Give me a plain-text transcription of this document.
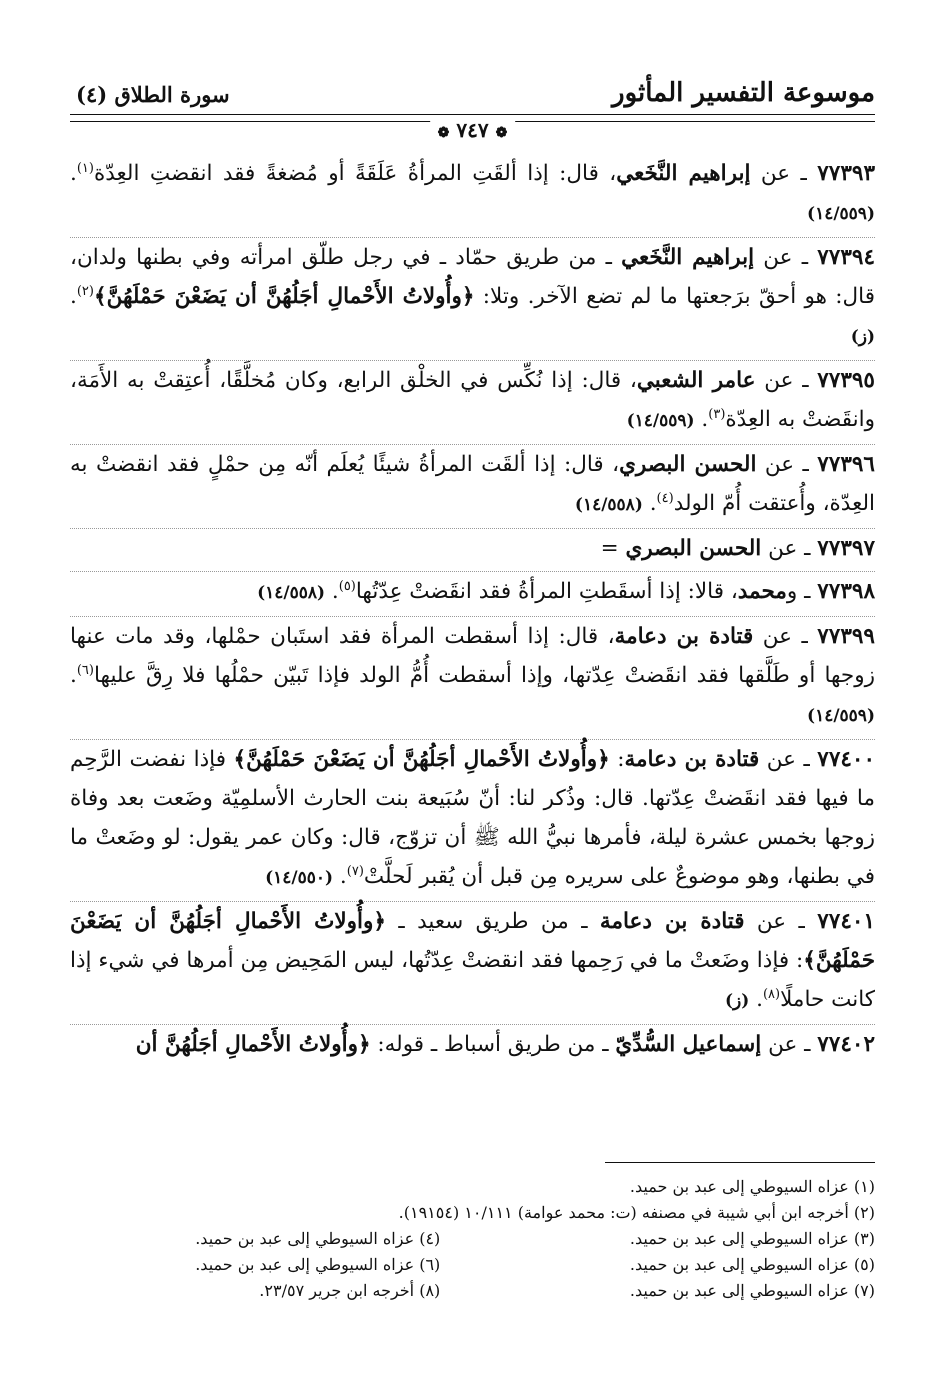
موسوعة التفسير المأثور
سورة الطلاق (٤)
❁ ٧٤٧ ❁

٧٧٣٩٣ ـ عن إبراهيم النَّخَعي، قال: إذا ألقَتِ المرأةُ عَلَقَةً أو مُضغةً فقد انقضتِ العِدّة$^{(١)}$. (١٤/٥٥٩)

٧٧٣٩٤ ـ عن إبراهيم النَّخَعي ـ من طريق حمّاد ـ في رجل طلّق امرأته وفي بطنها ولدان، قال: هو أحقّ برَجعتها ما لم تضع الآخر. وتلا: ﴿وأُولاتُ الأَحْمالِ أجَلُهُنَّ أن يَضَعْنَ حَمْلَهُنَّ﴾$^{(٢)}$. (ز)

٧٧٣٩٥ ـ عن عامر الشعبي، قال: إذا نُكِّس في الخلْق الرابع، وكان مُخلَّقًا، أُعتِقتْ به الأَمَة، وانقَضتْ به العِدّة$^{(٣)}$. (١٤/٥٥٩)

٧٧٣٩٦ ـ عن الحسن البصري، قال: إذا ألقَت المرأةُ شيئًا يُعلَم أنّه مِن حمْلٍ فقد انقضتْ به العِدّة، وأُعتقت أُمّ الولد$^{(٤)}$. (١٤/٥٥٨)

٧٧٣٩٧ ـ عن الحسن البصري =

٧٧٣٩٨ ـ ومحمد، قالا: إذا أسقَطتِ المرأةُ فقد انقَضتْ عِدّتُها$^{(٥)}$. (١٤/٥٥٨)

٧٧٣٩٩ ـ عن قتادة بن دعامة، قال: إذا أسقطت المرأة فقد استَبان حمْلها، وقد مات عنها زوجها أو طَلَّقها فقد انقَضتْ عِدّتها، وإذا أسقطت أُمُّ الولد فإذا تَبيّن حمْلُها فلا رِقَّ عليها$^{(٦)}$. (١٤/٥٥٩)

٧٧٤٠٠ ـ عن قتادة بن دعامة: ﴿وأُولاتُ الأَحْمالِ أجَلُهُنَّ أن يَضَعْنَ حَمْلَهُنَّ﴾ فإذا نفضت الرَّحِم ما فيها فقد انقَضتْ عِدّتها. قال: وذُكر لنا: أنّ سُبَيعة بنت الحارث الأسلمِيّة وضَعت بعد وفاة زوجها بخمس عشرة ليلة، فأمرها نبيُّ الله ﷺ أن تزوّج، قال: وكان عمر يقول: لو وضَعتْ ما في بطنها، وهو موضوعٌ على سريره مِن قبل أن يُقبر لَحلَّتْ$^{(٧)}$. (١٤/٥٥٠)

٧٧٤٠١ ـ عن قتادة بن دعامة ـ من طريق سعيد ـ ﴿وأُولاتُ الأَحْمالِ أجَلُهُنَّ أن يَضَعْنَ حَمْلَهُنَّ﴾: فإذا وضَعتْ ما في رَحِمها فقد انقضتْ عِدّتُها، ليس المَحِيض مِن أمرها في شيء إذا كانت حاملًا$^{(٨)}$. (ز)

٧٧٤٠٢ ـ عن إسماعيل السُّدِّيّ ـ من طريق أسباط ـ قوله: ﴿وأُولاتُ الأَحْمالِ أجَلُهُنَّ أن

(١) عزاه السيوطي إلى عبد بن حميد.
(٢) أخرجه ابن أبي شيبة في مصنفه (ت: محمد عوامة) ١٠/١١١ (١٩١٥٤).
(٣) عزاه السيوطي إلى عبد بن حميد.
(٤) عزاه السيوطي إلى عبد بن حميد.
(٥) عزاه السيوطي إلى عبد بن حميد.
(٦) عزاه السيوطي إلى عبد بن حميد.
(٧) عزاه السيوطي إلى عبد بن حميد.
(٨) أخرجه ابن جرير ٢٣/٥٧.
